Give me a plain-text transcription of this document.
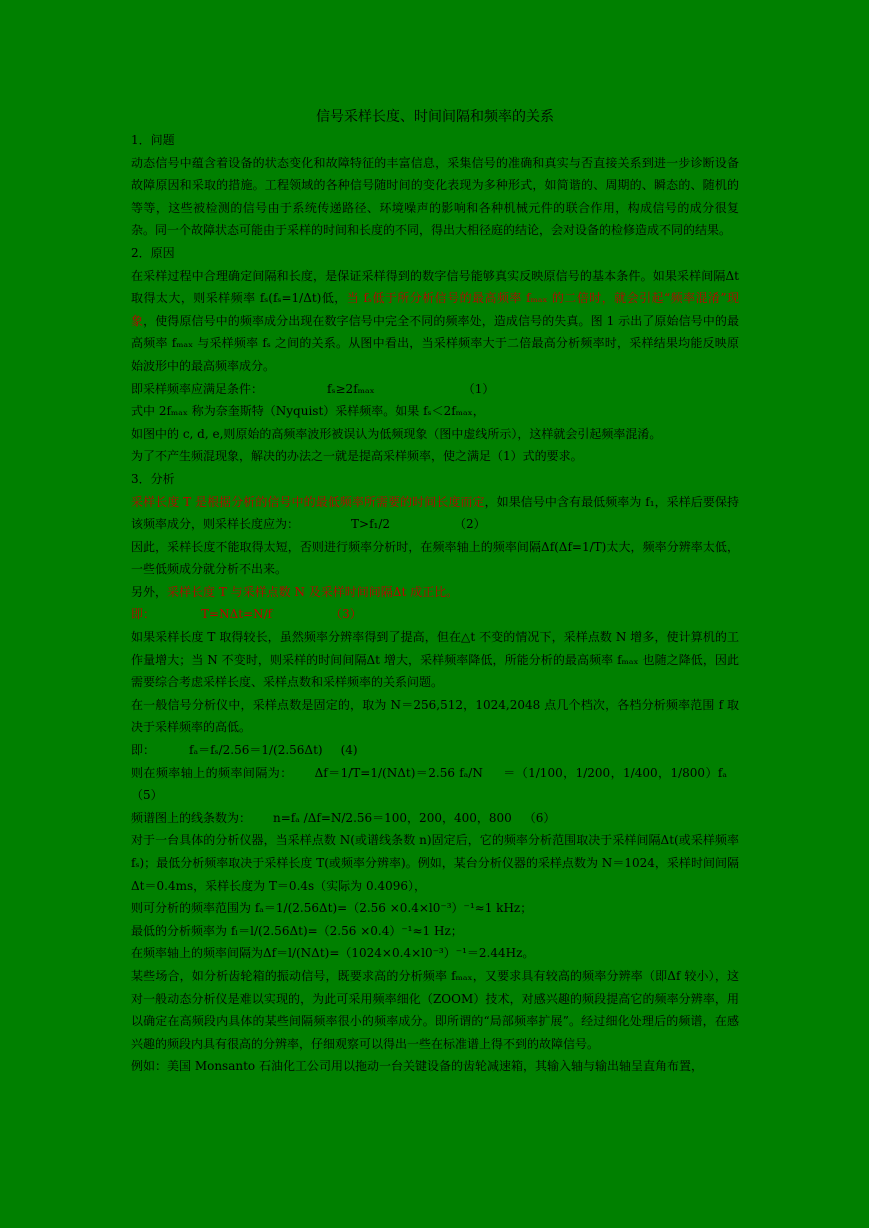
信号采样长度、时间间隔和频率的关系

1．问题

动态信号中蕴含着设备的状态变化和故障特征的丰富信息，采集信号的准确和真实与否直接关系到进一步诊断设备故障原因和采取的措施。工程领域的各种信号随时间的变化表现为多种形式，如简谐的、周期的、瞬态的、随机的等等，这些被检测的信号由于系统传递路径、环境噪声的影响和各种机械元件的联合作用，构成信号的成分很复杂。同一个故障状态可能由于采样的时间和长度的不同，得出大相径庭的结论，会对设备的检修造成不同的结果。

2．原因

在采样过程中合理确定间隔和长度，是保证采样得到的数字信号能够真实反映原信号的基本条件。如果采样间隔Δt 取得太大，则采样频率 fₛ(fₛ=1/Δt)低，当 fₛ低于所分析信号的最高频率 fₘₐₓ 的二倍时，就会引起“频率混淆”现象，使得原信号中的频率成分出现在数字信号中完全不同的频率处，造成信号的失真。图 1 示出了原始信号中的最高频率 fₘₐₓ 与采样频率 fₛ 之间的关系。从图中看出，当采样频率大于二倍最高分析频率时，采样结果均能反映原始波形中的最高频率成分。

即采样频率应满足条件：	fₛ≥2fₘₐₓ	（1）

式中 2fₘₐₓ 称为奈奎斯特（Nyquist）采样频率。如果 fₛ＜2fₘₐₓ，

如图中的 c, d, e,则原始的高频率波形被误认为低频现象（图中虚线所示），这样就会引起频率混淆。

为了不产生频混现象，解决的办法之一就是提高采样频率，使之满足（1）式的要求。

3．分析

采样长度 T 是根据分析的信号中的最低频率所需要的时间长度而定，如果信号中含有最低频率为 f₁，采样后要保持该频率成分，则采样长度应为：	T>f₁/2	（2）

因此，采样长度不能取得太短，否则进行频率分析时，在频率轴上的频率间隔Δf(Δf=1/T)太大，频率分辨率太低，一些低频成分就分析不出来。

另外，采样长度 T 与采样点数 N 及采样时间间隔Δt 成正比。

即：	T=NΔt=N/f	（3）

如果采样长度 T 取得较长，虽然频率分辨率得到了提高，但在△t 不变的情况下，采样点数 N 增多，使计算机的工作量增大；当 N 不变时，则采样的时间间隔Δt 增大，采样频率降低，所能分析的最高频率 fₘₐₓ 也随之降低，因此需要综合考虑采样长度、采样点数和采样频率的关系问题。

在一般信号分析仪中，采样点数是固定的，取为 N＝256,512，1024,2048 点几个档次，各档分析频率范围 f 取决于采样频率的高低。

即：	fₐ＝fₛ/2.56＝1/(2.56Δt) (4)

则在频率轴上的频率间隔为： Δf＝1/T=1/(NΔt)＝2.56 fₐ/N ＝（1/100，1/200，1/400，1/800）fₐ（5）

频谱图上的线条数为： n=fₐ /Δf=N/2.56＝100，200，400，800 （6）

对于一台具体的分析仪器，当采样点数 N(或谱线条数 n)固定后，它的频率分析范围取决于采样间隔Δt(或采样频率 fₛ)；最低分析频率取决于采样长度 T(或频率分辨率)。例如，某台分析仪器的采样点数为 N＝1024，采样时间间隔Δt＝0.4ms，采样长度为 T＝0.4s（实际为 0.4096），

则可分析的频率范围为 fₐ＝1/(2.56Δt)=（2.56 ×0.4×l0⁻³）⁻¹≈1 kHz；

最低的分析频率为 fₗ＝l/(2.56Δt)=（2.56 ×0.4）⁻¹≈1 Hz；

在频率轴上的频率间隔为Δf＝l/(NΔt)=（1024×0.4×l0⁻³）⁻¹＝2.44Hz。

某些场合，如分析齿轮箱的振动信号，既要求高的分析频率 fₘₐₓ，又要求具有较高的频率分辨率（即Δf 较小），这对一般动态分析仪是难以实现的，为此可采用频率细化（ZOOM）技术，对感兴趣的频段提高它的频率分辨率，用以确定在高频段内具体的某些间隔频率很小的频率成分。即所谓的“局部频率扩展”。经过细化处理后的频谱，在感兴趣的频段内具有很高的分辨率，仔细观察可以得出一些在标准谱上得不到的故障信号。

例如：美国 Monsanto 石油化工公司用以拖动一台关键设备的齿轮减速箱，其输入轴与输出轴呈直角布置，
